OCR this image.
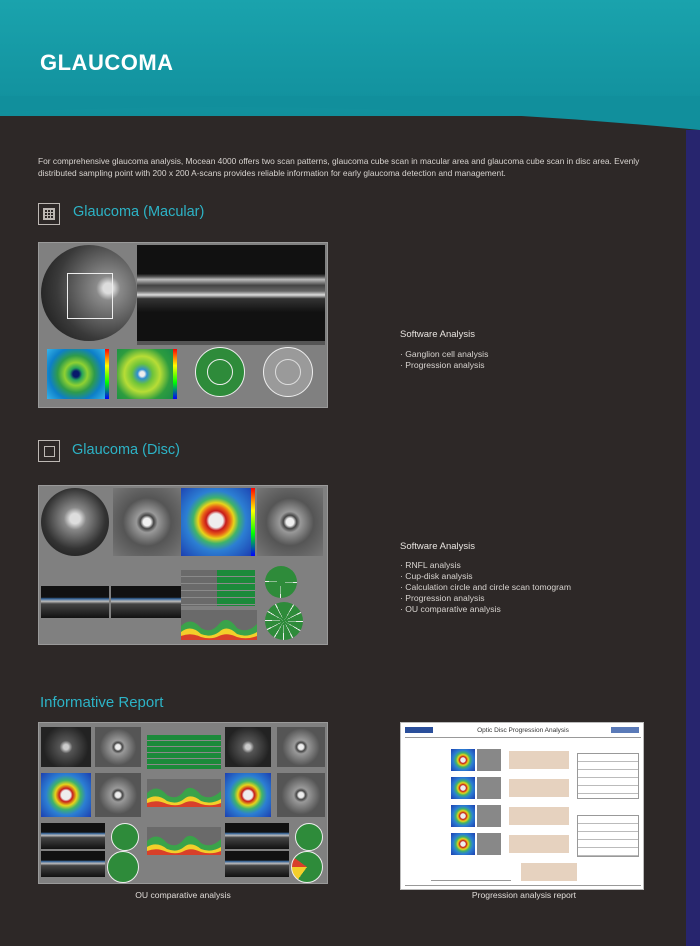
GLAUCOMA

For comprehensive glaucoma analysis, Mocean 4000 offers two scan patterns, glaucoma cube scan in macular area and glaucoma cube scan in disc area. Evenly distributed sampling point with 200 x 200 A-scans provides reliable information for early glaucoma detection and management.

Glaucoma (Macular)
Software Analysis
· Ganglion cell analysis
· Progression analysis
Glaucoma (Disc)
Software Analysis
· RNFL analysis
· Cup-disk analysis
· Calculation circle and circle scan tomogram
· Progression analysis
· OU comparative analysis
Informative Report
OU comparative analysis
Optic Disc Progression Analysis
Progression analysis report
